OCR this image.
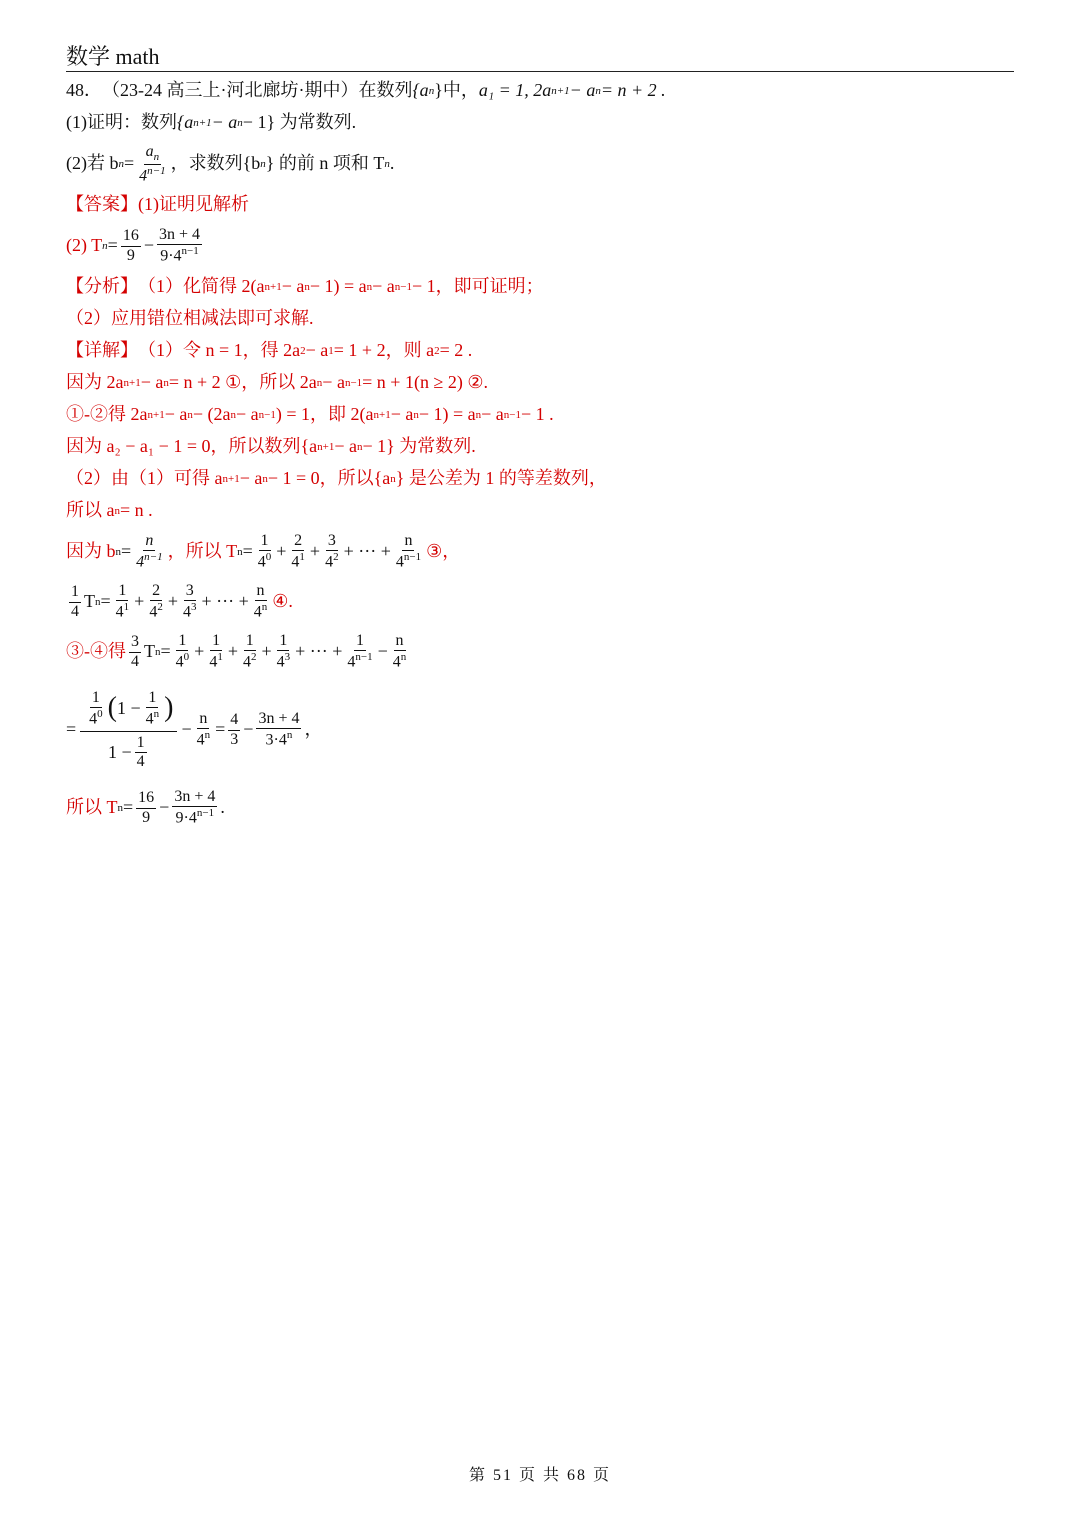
数学 math
48． （23-24 高三上·河北廊坊·期中）在数列 {a n } 中， a₁ = 1, 2a n+1 − a n = n + 2 .
(1)证明：数列 {a n+1 − a n − 1} 为常数列.
(2)若 b $n = \frac{a_n}{4^{n-1}}$ ，求数列{b n } 的前 n 项和 T n .
【答案】 (1)证明见解析
(2) T $n = \frac{16}{9} - \frac{3n + 4}{9\cdot 4^{n-1}}$
【分析】 （1）化简得 2(a n+1 − a n − 1) = a n − a n−1 − 1，即可证明；
（2）应用错位相减法即可求解.
【详解】 （1）令 n = 1，得 2a 2 − a 1 = 1 + 2，则 a 2 = 2 .
因为 2a n+1 − a n = n + 2 ①，所以 2a n − a n−1 = n + 1(n ≥ 2) ②.
①-②得 2a n+1 − a n − (2a n − a n−1 ) = 1，即 2(a n+1 − a n − 1) = a n − a n−1 − 1 .
因为 a₂ − a₁ − 1 = 0，所以数列{a n+1 − a n − 1} 为常数列.
（2）由（1）可得 a n+1 − a n − 1 = 0，所以{a n } 是公差为 1 的等差数列，
所以 a n = n .
因为 b $n = \frac{n}{4^{n-1}}$ ，所以 T $n = \frac{1}{4^0} + \frac{2}{4^1} + \frac{3}{4^2}$ + ··· + $\frac{n}{4^{n-1}}$ ③，
$\frac{1}{4}$ T $n = \frac{1}{4^1} + \frac{2}{4^2} + \frac{3}{4^3}$ + ··· + $\frac{n}{4^n}$ ④.
③-④得 $\frac{3}{4}$ T $n = \frac{1}{4^0} + \frac{1}{4^1} + \frac{1}{4^2} + \frac{1}{4^3}$ + ··· + $\frac{1}{4^{n-1}} - \frac{n}{4^n}$
= $\frac{\frac{1}{4^0} ( 1 - \frac{1}{4^n} )}{1 - \frac{1}{4}} - \frac{n}{4^n} = \frac{4}{3} - \frac{3n + 4}{3\cdot 4^n}$ ，
所以 T $n = \frac{16}{9} - \frac{3n + 4}{9\cdot 4^{n-1}}$ .
第 51 页 共 68 页
